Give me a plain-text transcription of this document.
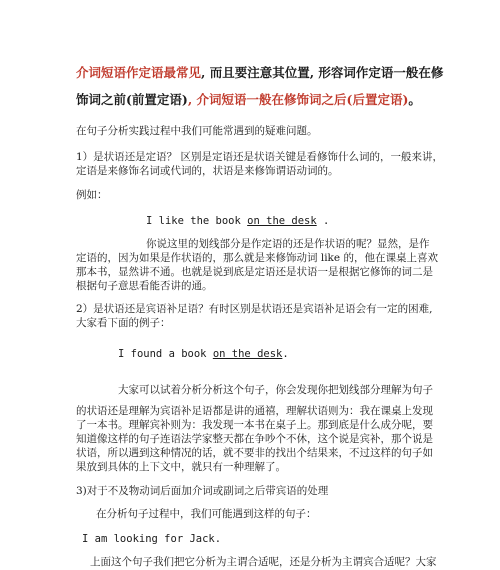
介词短语作定语最常见, 而且要注意其位置, 形容词作定语一般在修
饰词之前(前置定语), 介词短语一般在修饰词之后(后置定语)。

在句子分析实践过程中我们可能常遇到的疑难问题。

1）是状语还是定语？ 区别是定语还是状语关键是看修饰什么词的，一般来讲，

定语是来修饰名词或代词的，状语是来修饰谓语动词的。

例如：

I like the book on the desk .

你说这里的划线部分是作定语的还是作状语的呢？显然，是作

定语的，因为如果是作状语的，那么就是来修饰动词 like 的，他在课桌上喜欢

那本书，显然讲不通。也就是说到底是定语还是状语一是根据它修饰的词二是

根据句子意思看能否讲的通。

2）是状语还是宾语补足语？有时区别是状语还是宾语补足语会有一定的困难,

大家看下面的例子：

I found a book on the desk.

大家可以试着分析分析这个句子，你会发现你把划线部分理解为句子

的状语还是理解为宾语补足语都是讲的通禧，理解状语则为：我在课桌上发现

了一本书。理解宾补则为：我发现一本书在桌子上。那到底是什么成分呢，要

知道像这样的句子连语法学家整天都在争吵个不休，这个说是宾补，那个说是

状语，所以遇到这种情况的话，就不要非的找出个结果来，不过这样的句子如

果放到具体的上下文中，就只有一种理解了。

3)对于不及物动词后面加介词或副词之后带宾语的处理

在分析句子过程中，我们可能遇到这样的句子：

I am looking for Jack.

上面这个句子我们把它分析为主谓合适呢，还是分析为主谓宾合适呢？大家
